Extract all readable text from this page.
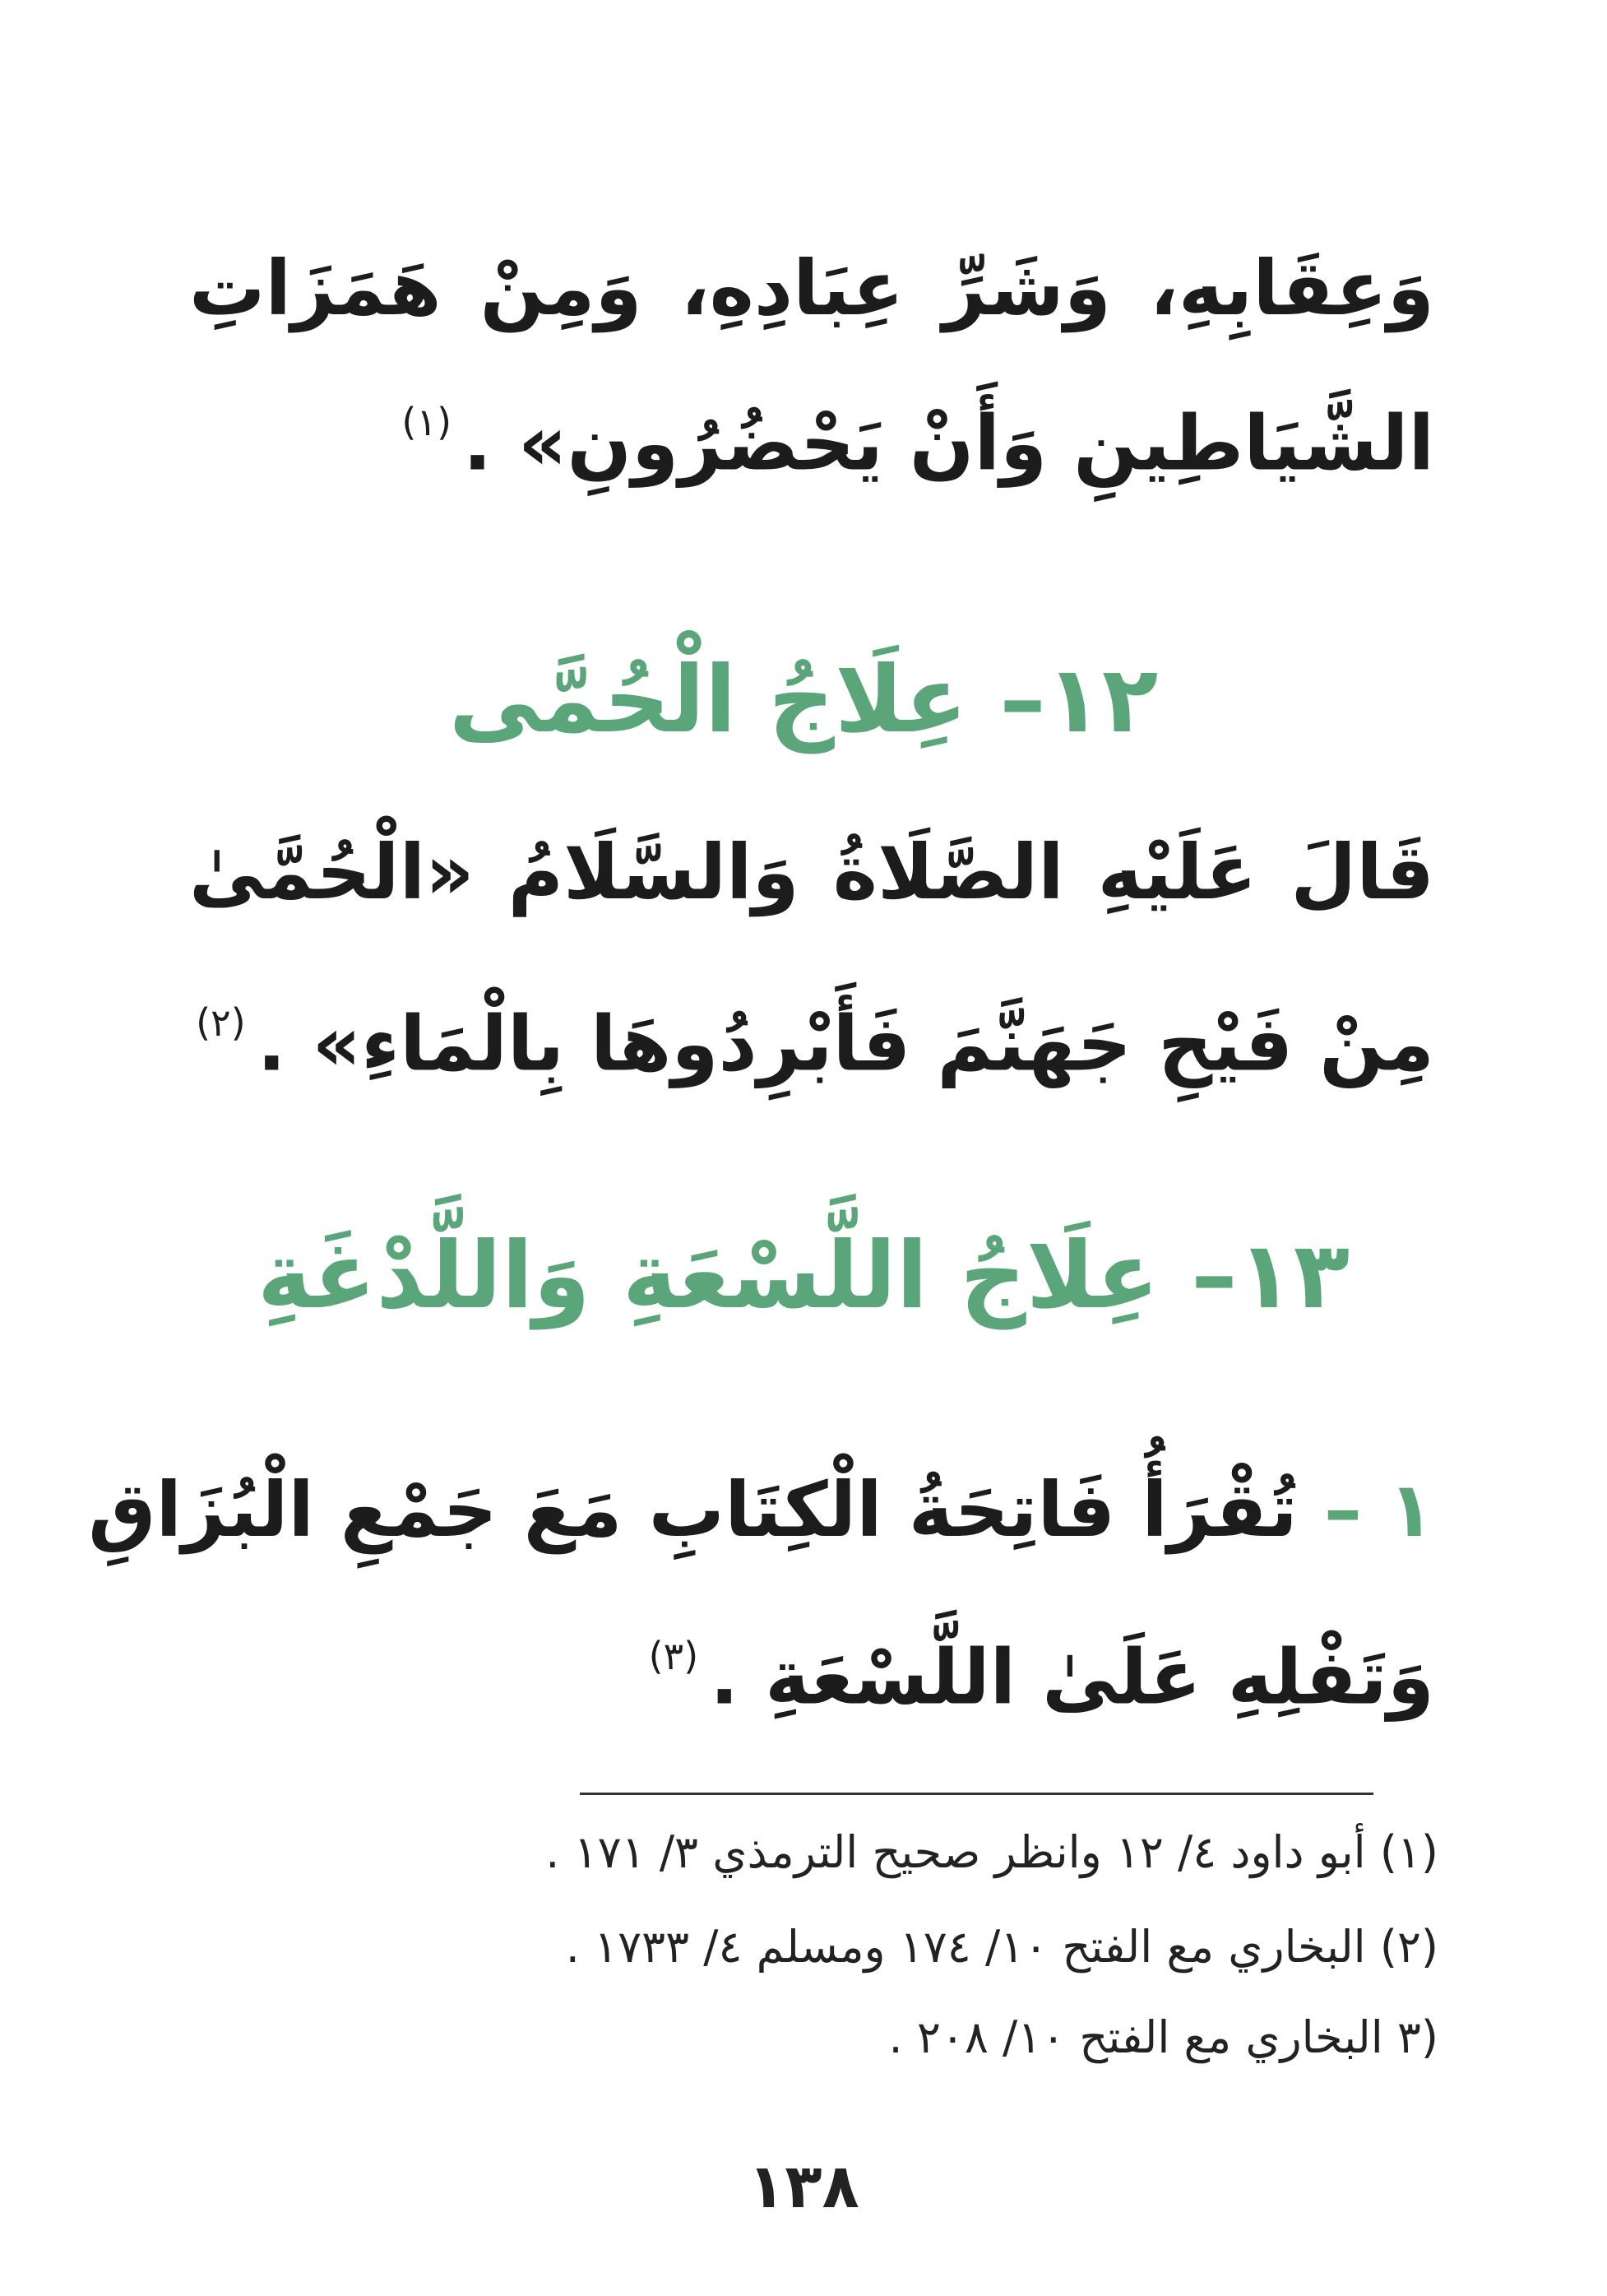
وَعِقَابِهِ، وَشَرِّ عِبَادِهِ، وَمِنْ هَمَزَاتِ
الشَّيَاطِينِ وَأَنْ يَحْضُرُونِ» .$^{(١)}$
١٢– عِلَاجُ الْحُمَّى
قَالَ عَلَيْهِ الصَّلَاةُ وَالسَّلَامُ «الْحُمَّىٰ
مِنْ فَيْحِ جَهَنَّمَ فَأَبْرِدُوهَا بِالْمَاءِ» .$^{(٢)}$
١٣– عِلَاجُ اللَّسْعَةِ وَاللَّدْغَةِ
١ – تُقْرَأُ فَاتِحَةُ الْكِتَابِ مَعَ جَمْعِ الْبُزَاقِ
وَتَفْلِهِ عَلَىٰ اللَّسْعَةِ .$^{(٣)}$
(١) أبو داود ٤/ ١٢ وانظر صحيح الترمذي ٣/ ١٧١ .
(٢) البخاري مع الفتح ١٠/ ١٧٤ ومسلم ٤/ ١٧٣٣ .
(٣ البخاري مع الفتح ١٠/ ٢٠٨ .
١٣٨
